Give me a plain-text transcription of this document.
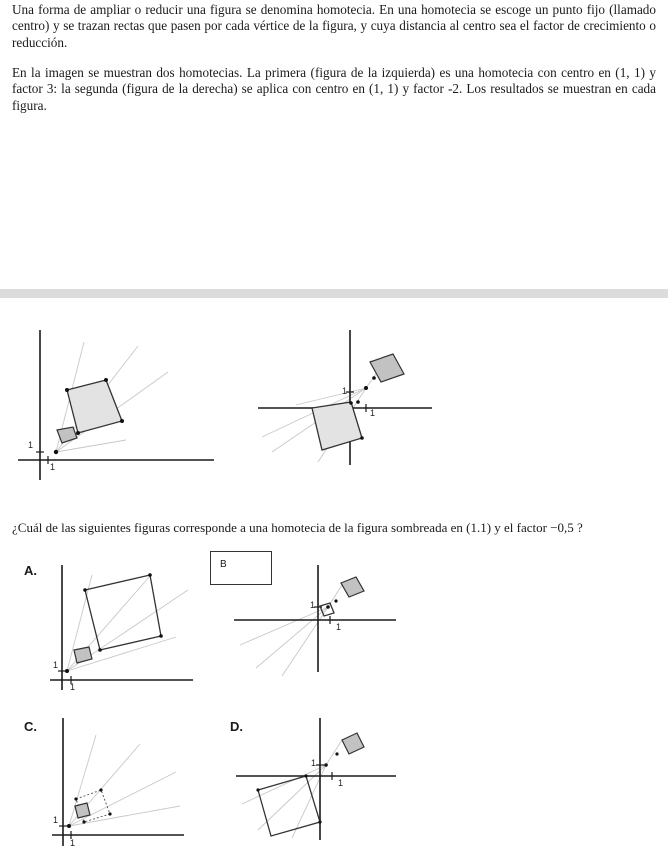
Una forma de ampliar o reducir una figura se denomina homotecia. En una homotecia se escoge un punto fijo (llamado centro) y se trazan rectas que pasen por cada vértice de la figura, y cuya distancia al centro sea el factor de crecimiento o reducción.

En la imagen se muestran dos homotecias. La primera (figura de la izquierda) es una homotecia con centro en (1, 1) y factor 3: la segunda (figura de la derecha) se aplica con centro en (1, 1) y factor -2. Los resultados se muestran en cada figura.

1
1
1
1
1
1
1
1
1
1
1
1

¿Cuál de las siguientes figuras corresponde a una homotecia de la figura sombreada en (1.1) y el factor −0,5 ?

A.	B
C.	D.
